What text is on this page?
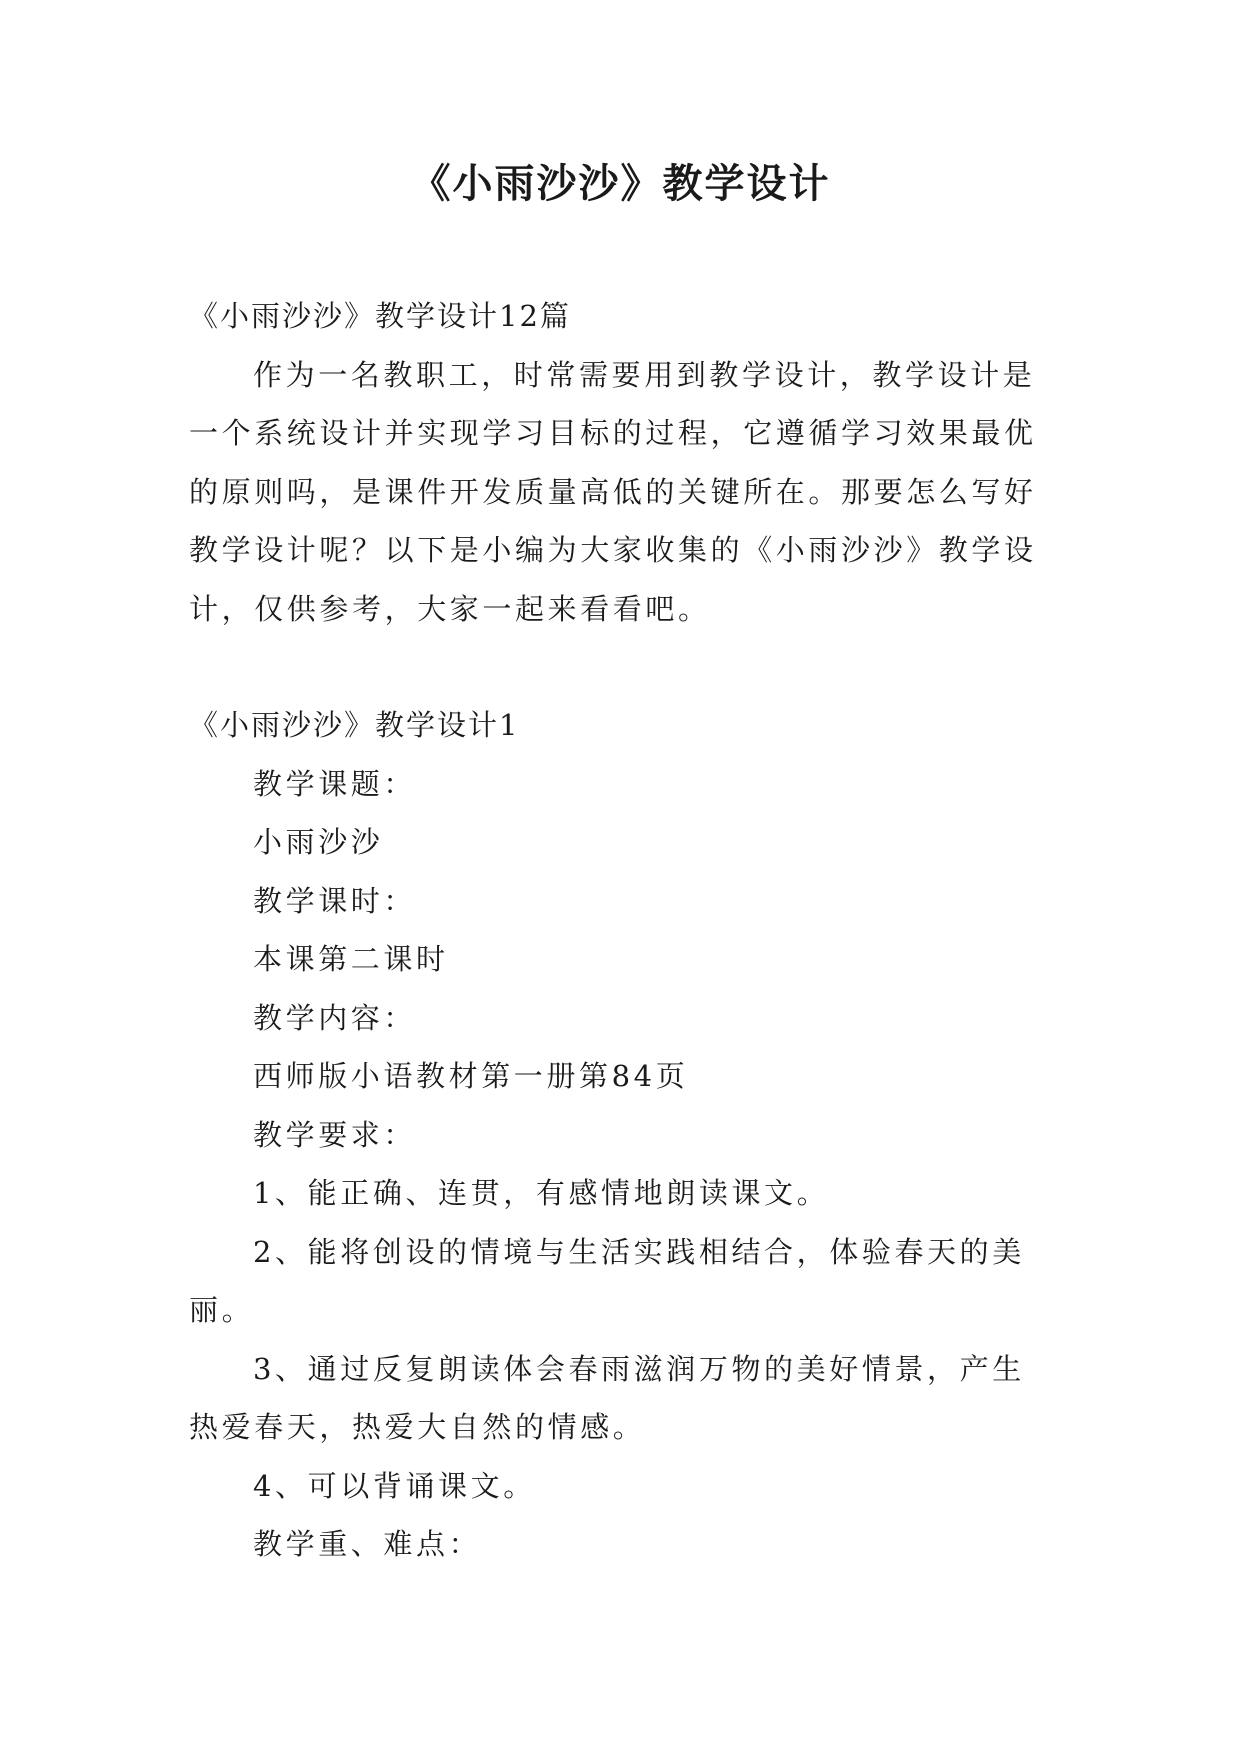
《小雨沙沙》教学设计

《小雨沙沙》教学设计12篇

作为一名教职工，时常需要用到教学设计，教学设计是一个系统设计并实现学习目标的过程，它遵循学习效果最优的原则吗，是课件开发质量高低的关键所在。那要怎么写好教学设计呢？以下是小编为大家收集的《小雨沙沙》教学设计，仅供参考，大家一起来看看吧。

《小雨沙沙》教学设计1

教学课题：

小雨沙沙

教学课时：

本课第二课时

教学内容：

西师版小语教材第一册第84页

教学要求：

1、能正确、连贯，有感情地朗读课文。

2、能将创设的情境与生活实践相结合，体验春天的美丽。

3、通过反复朗读体会春雨滋润万物的美好情景，产生热爱春天，热爱大自然的情感。

4、可以背诵课文。

教学重、难点：
